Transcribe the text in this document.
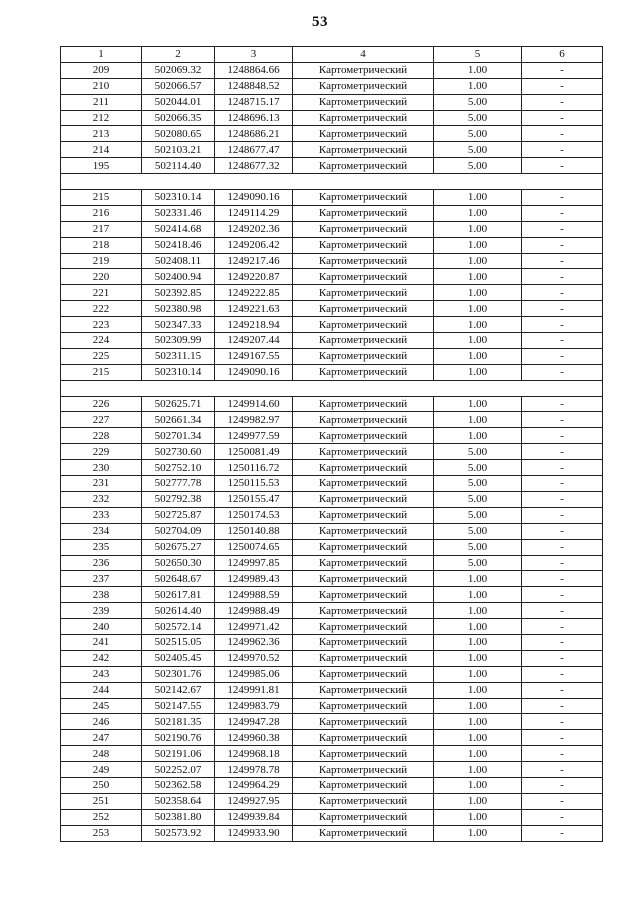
53
1	2	3	4	5	6
209	502069.32	1248864.66	Картометрический	1.00	-
210	502066.57	1248848.52	Картометрический	1.00	-
211	502044.01	1248715.17	Картометрический	5.00	-
212	502066.35	1248696.13	Картометрический	5.00	-
213	502080.65	1248686.21	Картометрический	5.00	-
214	502103.21	1248677.47	Картометрический	5.00	-
195	502114.40	1248677.32	Картометрический	5.00	-

215	502310.14	1249090.16	Картометрический	1.00	-
216	502331.46	1249114.29	Картометрический	1.00	-
217	502414.68	1249202.36	Картометрический	1.00	-
218	502418.46	1249206.42	Картометрический	1.00	-
219	502408.11	1249217.46	Картометрический	1.00	-
220	502400.94	1249220.87	Картометрический	1.00	-
221	502392.85	1249222.85	Картометрический	1.00	-
222	502380.98	1249221.63	Картометрический	1.00	-
223	502347.33	1249218.94	Картометрический	1.00	-
224	502309.99	1249207.44	Картометрический	1.00	-
225	502311.15	1249167.55	Картометрический	1.00	-
215	502310.14	1249090.16	Картометрический	1.00	-

226	502625.71	1249914.60	Картометрический	1.00	-
227	502661.34	1249982.97	Картометрический	1.00	-
228	502701.34	1249977.59	Картометрический	1.00	-
229	502730.60	1250081.49	Картометрический	5.00	-
230	502752.10	1250116.72	Картометрический	5.00	-
231	502777.78	1250115.53	Картометрический	5.00	-
232	502792.38	1250155.47	Картометрический	5.00	-
233	502725.87	1250174.53	Картометрический	5.00	-
234	502704.09	1250140.88	Картометрический	5.00	-
235	502675.27	1250074.65	Картометрический	5.00	-
236	502650.30	1249997.85	Картометрический	5.00	-
237	502648.67	1249989.43	Картометрический	1.00	-
238	502617.81	1249988.59	Картометрический	1.00	-
239	502614.40	1249988.49	Картометрический	1.00	-
240	502572.14	1249971.42	Картометрический	1.00	-
241	502515.05	1249962.36	Картометрический	1.00	-
242	502405.45	1249970.52	Картометрический	1.00	-
243	502301.76	1249985.06	Картометрический	1.00	-
244	502142.67	1249991.81	Картометрический	1.00	-
245	502147.55	1249983.79	Картометрический	1.00	-
246	502181.35	1249947.28	Картометрический	1.00	-
247	502190.76	1249960.38	Картометрический	1.00	-
248	502191.06	1249968.18	Картометрический	1.00	-
249	502252.07	1249978.78	Картометрический	1.00	-
250	502362.58	1249964.29	Картометрический	1.00	-
251	502358.64	1249927.95	Картометрический	1.00	-
252	502381.80	1249939.84	Картометрический	1.00	-
253	502573.92	1249933.90	Картометрический	1.00	-
